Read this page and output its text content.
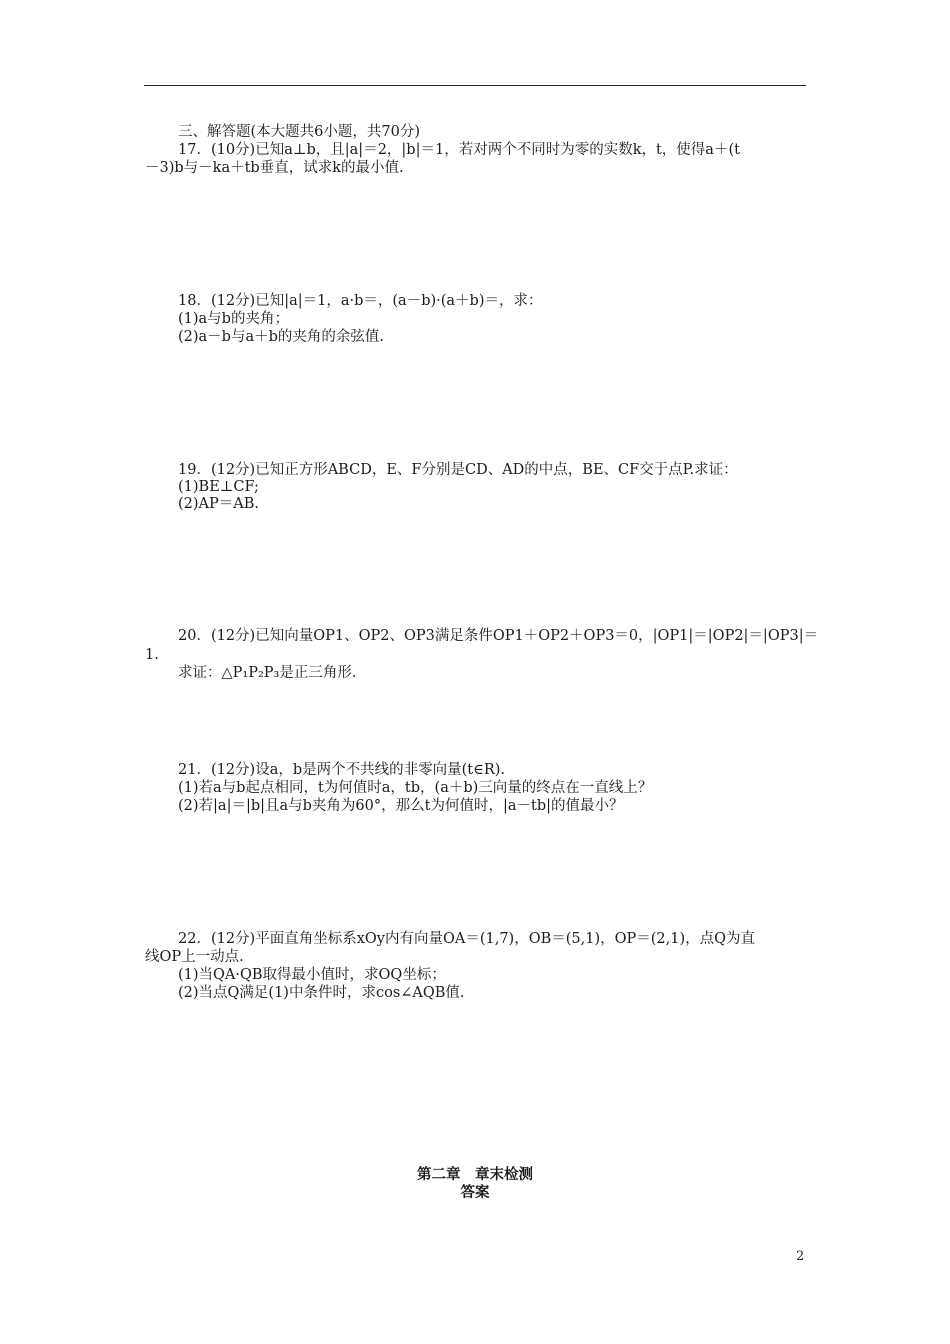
三、解答题(本大题共6小题，共70分)
17．(10分)已知a⊥b，且|a|＝2，|b|＝1，若对两个不同时为零的实数k，t，使得a＋(t
－3)b与－ka＋tb垂直，试求k的最小值.
18．(12分)已知|a|＝1，a·b＝，(a－b)·(a＋b)＝，求：
(1)a与b的夹角；
(2)a－b与a＋b的夹角的余弦值.
19．(12分)已知正方形ABCD，E、F分别是CD、AD的中点，BE、CF交于点P.求证：
(1)BE⊥CF;
(2)AP＝AB.
20．(12分)已知向量OP1、OP2、OP3满足条件OP1＋OP2＋OP3＝0，|OP1|＝|OP2|＝|OP3|＝
1.
求证：△P₁P₂P₃是正三角形.
21．(12分)设a，b是两个不共线的非零向量(t∈R).
(1)若a与b起点相同，t为何值时a，tb，(a＋b)三向量的终点在一直线上？
(2)若|a|＝|b|且a与b夹角为60°，那么t为何值时，|a－tb|的值最小？
22．(12分)平面直角坐标系xOy内有向量OA＝(1,7)，OB＝(5,1)，OP＝(2,1)，点Q为直
线OP上一动点.
(1)当QA·QB取得最小值时，求OQ坐标；
(2)当点Q满足(1)中条件时，求cos∠AQB值.
第二章　章末检测
答案
2
